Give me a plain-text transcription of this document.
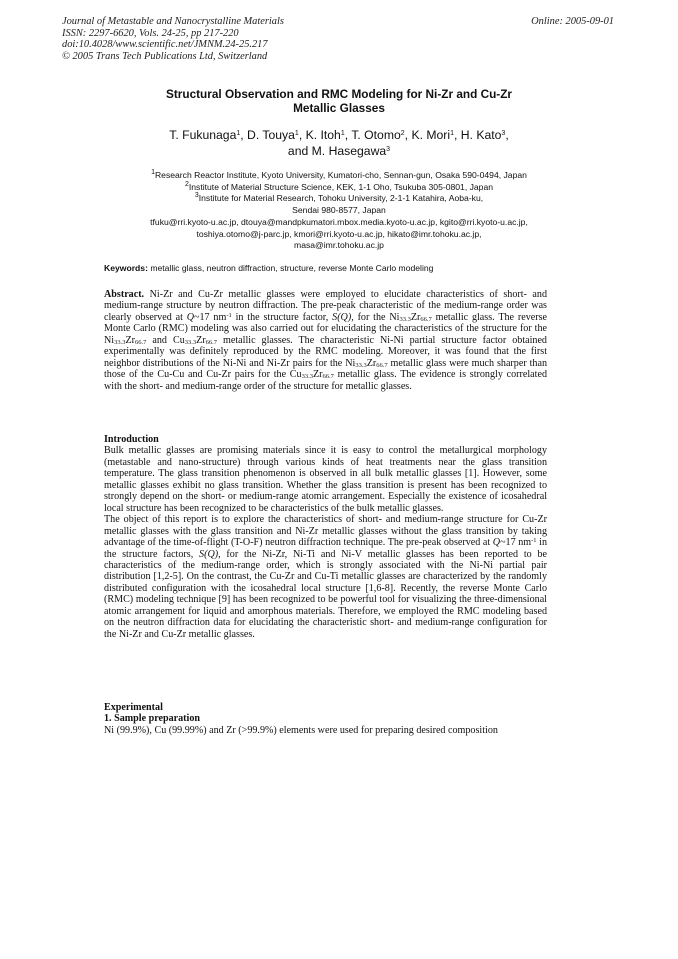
Journal of Metastable and Nanocrystalline Materials
ISSN: 2297-6620, Vols. 24-25, pp 217-220
doi:10.4028/www.scientific.net/JMNM.24-25.217
© 2005 Trans Tech Publications Ltd, Switzerland
Online: 2005-09-01
Structural Observation and RMC Modeling for Ni-Zr and Cu-Zr
Metallic Glasses
T. Fukunaga$^1$, D. Touya$^1$, K. Itoh$^1$, T. Otomo$^2$, K. Mori$^1$, H. Kato$^3$,
and M. Hasegawa$^3$
$^1$Research Reactor Institute, Kyoto University, Kumatori-cho, Sennan-gun, Osaka 590-0494, Japan
$^2$Institute of Material Structure Science, KEK, 1-1 Oho, Tsukuba 305-0801, Japan
$^3$Institute for Material Research, Tohoku University, 2-1-1 Katahira, Aoba-ku,
Sendai 980-8577, Japan
tfuku@rri.kyoto-u.ac.jp, dtouya@mandpkumatori.mbox.media.kyoto-u.ac.jp, kgito@rri.kyoto-u.ac.jp,
toshiya.otomo@j-parc.jp, kmori@rri.kyoto-u.ac.jp, hikato@imr.tohoku.ac.jp,
masa@imr.tohoku.ac.jp
Keywords: metallic glass, neutron diffraction, structure, reverse Monte Carlo modeling

Abstract. Ni-Zr and Cu-Zr metallic glasses were employed to elucidate characteristics of short- and medium-range structure by neutron diffraction. The pre-peak characteristic of the medium-range order was clearly observed at Q~17 $nm^{-1}$ in the structure factor, S(Q), for the $Ni_{33.3}Zr_{66.7}$ metallic glass. The reverse Monte Carlo (RMC) modeling was also carried out for elucidating the characteristics of the structure for the $Ni_{33.3}Zr_{66.7}$ and $Cu_{33.3}Zr_{66.7}$ metallic glasses. The characteristic Ni-Ni partial structure factor obtained experimentally was definitely reproduced by the RMC modeling. Moreover, it was found that the first neighbor distributions of the Ni-Ni and Ni-Zr pairs for the $Ni_{33.3}Zr_{66.7}$ metallic glass were much sharper than those of the Cu-Cu and Cu-Zr pairs for the $Cu_{33.3}Zr_{66.7}$ metallic glass. The evidence is strongly correlated with the short- and medium-range order of the structure for metallic glasses.

Introduction

Bulk metallic glasses are promising materials since it is easy to control the metallurgical morphology (metastable and nano-structure) through various kinds of heat treatments near the glass transition temperature. The glass transition phenomenon is observed in all bulk metallic glasses [1]. However, some metallic glasses exhibit no glass transition. Whether the glass transition is present has been recognized to strongly depend on the short- or medium-range atomic arrangement. Especially the existence of icosahedral local structure has been recognized to be characteristics of the bulk metallic glasses.

The object of this report is to explore the characteristics of short- and medium-range structure for Cu-Zr metallic glasses with the glass transition and Ni-Zr metallic glasses without the glass transition by taking advantage of the time-of-flight (T-O-F) neutron diffraction technique. The pre-peak observed at Q~17 $nm^{-1}$ in the structure factors, S(Q), for the Ni-Zr, Ni-Ti and Ni-V metallic glasses has been reported to be characteristics of the medium-range order, which is strongly associated with the Ni-Ni partial pair distribution [1,2-5]. On the contrast, the Cu-Zr and Cu-Ti metallic glasses are characterized by the randomly distributed configuration with the icosahedral local structure [1,6-8]. Recently, the reverse Monte Carlo (RMC) modeling technique [9] has been recognized to be powerful tool for visualizing the three-dimensional atomic arrangement for liquid and amorphous materials. Therefore, we employed the RMC modeling based on the neutron diffraction data for elucidating the characteristic short- and medium-range configuration for the Ni-Zr and Cu-Zr metallic glasses.

Experimental
1. Sample preparation

Ni (99.9%), Cu (99.99%) and Zr (>99.9%) elements were used for preparing desired composition
